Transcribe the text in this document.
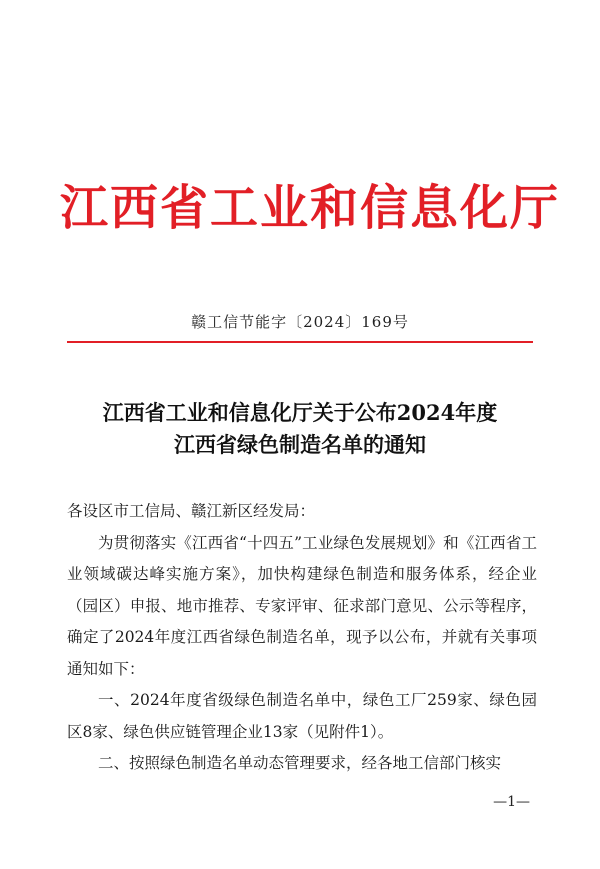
江西省工业和信息化厅
赣工信节能字〔2024〕169号
江西省工业和信息化厅关于公布2024年度
江西省绿色制造名单的通知

各设区市工信局、赣江新区经发局：

为贯彻落实《江西省“十四五”工业绿色发展规划》和《江西省工业领域碳达峰实施方案》，加快构建绿色制造和服务体系，经企业（园区）申报、地市推荐、专家评审、征求部门意见、公示等程序，确定了2024年度江西省绿色制造名单，现予以公布，并就有关事项通知如下：

一、2024年度省级绿色制造名单中，绿色工厂259家、绿色园区8家、绿色供应链管理企业13家（见附件1）。

二、按照绿色制造名单动态管理要求，经各地工信部门核实

—1—
